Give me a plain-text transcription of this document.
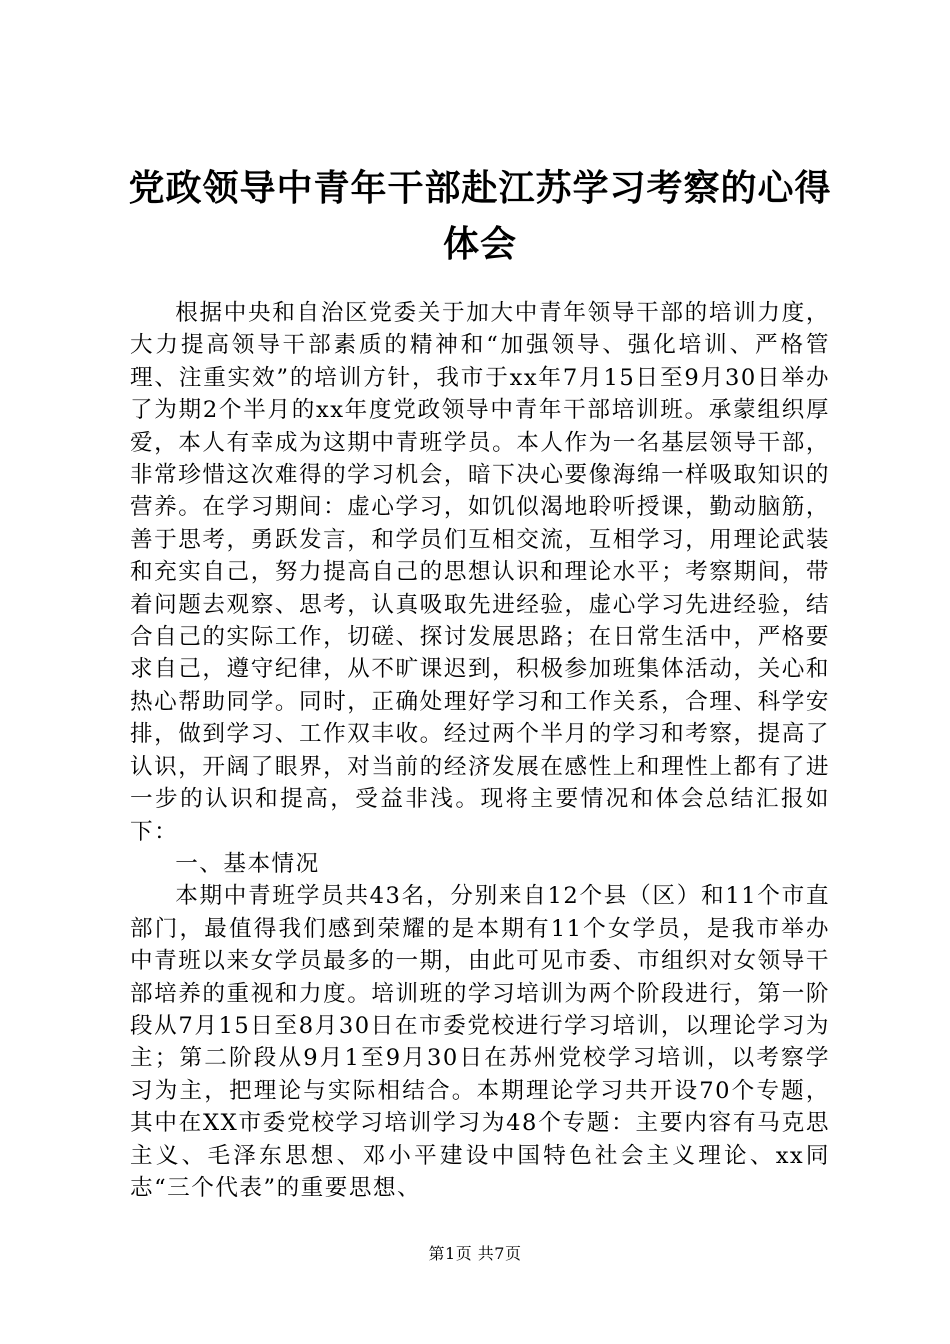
党政领导中青年干部赴江苏学习考察的心得体会

根据中央和自治区党委关于加大中青年领导干部的培训力度，大力提高领导干部素质的精神和“加强领导、强化培训、严格管理、注重实效”的培训方针，我市于xx年7月15日至9月30日举办了为期2个半月的xx年度党政领导中青年干部培训班。承蒙组织厚爱，本人有幸成为这期中青班学员。本人作为一名基层领导干部，非常珍惜这次难得的学习机会，暗下决心要像海绵一样吸取知识的营养。在学习期间：虚心学习，如饥似渴地聆听授课，勤动脑筋，善于思考，勇跃发言，和学员们互相交流，互相学习，用理论武装和充实自己，努力提高自己的思想认识和理论水平；考察期间，带着问题去观察、思考，认真吸取先进经验，虚心学习先进经验，结合自己的实际工作，切磋、探讨发展思路；在日常生活中，严格要求自己，遵守纪律，从不旷课迟到，积极参加班集体活动，关心和热心帮助同学。同时，正确处理好学习和工作关系，合理、科学安排，做到学习、工作双丰收。经过两个半月的学习和考察，提高了认识，开阔了眼界，对当前的经济发展在感性上和理性上都有了进一步的认识和提高，受益非浅。现将主要情况和体会总结汇报如下：

一、基本情况

本期中青班学员共43名，分别来自12个县（区）和11个市直部门，最值得我们感到荣耀的是本期有11个女学员，是我市举办中青班以来女学员最多的一期，由此可见市委、市组织对女领导干部培养的重视和力度。培训班的学习培训为两个阶段进行，第一阶段从7月15日至8月30日在市委党校进行学习培训，以理论学习为主；第二阶段从9月1至9月30日在苏州党校学习培训，以考察学习为主，把理论与实际相结合。本期理论学习共开设70个专题，其中在XX市委党校学习培训学习为48个专题：主要内容有马克思主义、毛泽东思想、邓小平建设中国特色社会主义理论、xx同志“三个代表”的重要思想、

第1页 共7页
